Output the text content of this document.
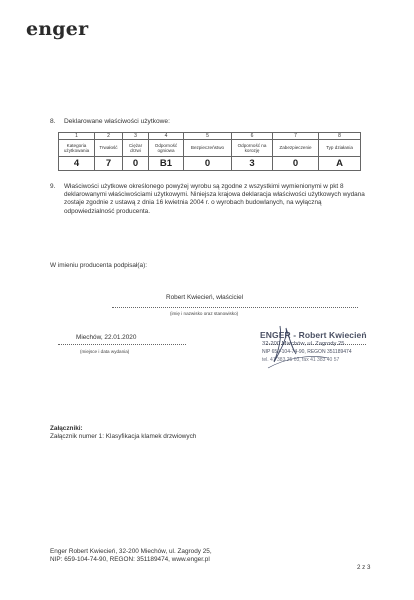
enger
8. Deklarowane właściwości użytkowe:
1	2	3	4	5	6	7	8
Kategoria użytkowania	Trwałość	Ciężar drzwi	Odporność ogniowa	Bezpieczeństwo	Odporność na korozję	Zabezpieczenie	Typ działania
4	7	0	B1	0	3	0	A
9.	Właściwości użytkowe określonego powyżej wyrobu są zgodne z wszystkimi wymienionymi w pkt 8 deklarowanymi właściwościami użytkowymi. Niniejsza krajowa deklaracja właściwości użytkowych wydana zostaje zgodnie z ustawą z dnia 16 kwietnia 2004 r. o wyrobach budowlanych, na wyłączną odpowiedzialność producenta.
W imieniu producenta podpisał(a):
Robert Kwiecień, właściciel
(imię i nazwisko oraz stanowisko)
Miechów, 22.01.2020
(miejsce i data wydania)
ENGER - Robert Kwiecień
32-200 Miechów, ul. Zagrody 25
NIP 659-104-74-90, REGON 351189474
tel. 41 383 25 03, fax 41 383 40 57
Załączniki:
Załącznik numer 1: Klasyfikacja klamek drzwiowych
Enger Robert Kwiecień, 32-200 Miechów, ul. Zagrody 25,
NIP: 659-104-74-90, REGON: 351189474, www.enger.pl
2 z 3
